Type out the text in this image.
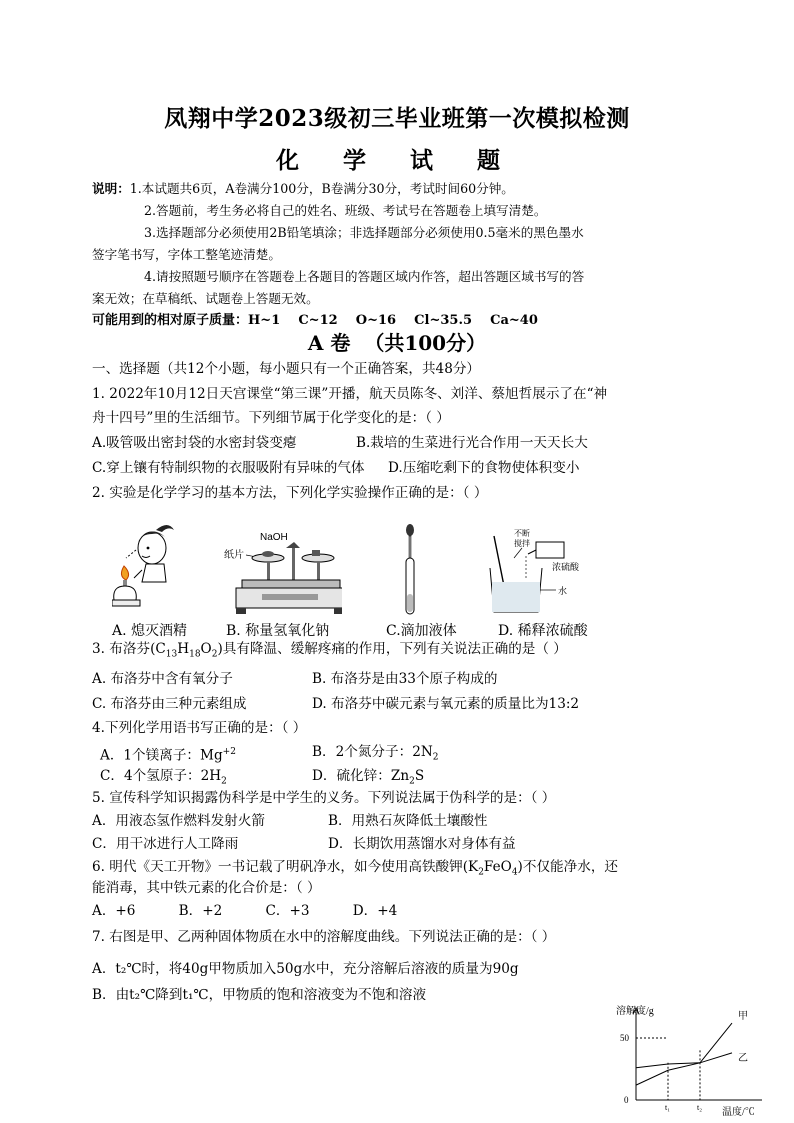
凤翔中学2023级初三毕业班第一次模拟检测
化 学 试 题
说明：1.本试题共6页，A卷满分100分，B卷满分30分，考试时间60分钟。
2.答题前，考生务必将自己的姓名、班级、考试号在答题卷上填写清楚。
3.选择题部分必须使用2B铅笔填涂；非选择题部分必须使用0.5毫米的黑色墨水
签字笔书写，字体工整笔迹清楚。
4.请按照题号顺序在答题卷上各题目的答题区域内作答，超出答题区域书写的答
案无效；在草稿纸、试题卷上答题无效。
可能用到的相对原子质量：H~1    C~12    O~16    Cl~35.5    Ca~40
A 卷  （共100分）
一、选择题（共12个小题，每小题只有一个正确答案，共48分）
1. 2022年10月12日天宫课堂“第三课”开播，航天员陈冬、刘洋、蔡旭哲展示了在“神
舟十四号”里的生活细节。下列细节属于化学变化的是：（ ）
A.吸管吸出密封袋的水密封袋变瘪	B.栽培的生菜进行光合作用一天天长大
C.穿上镶有特制织物的衣服吸附有异味的气体 D.压缩吃剩下的食物使体积变小
2. 实验是化学学习的基本方法，下列化学实验操作正确的是：（ ）
A. 熄灭酒精
NaOH
纸片
B. 称量氢氧化钠	C.滴加液体
不断
搅拌
浓硫酸
水
D. 稀释浓硫酸
3. 布洛芬$(C_{13}H_{18}O_2)$具有降温、缓解疼痛的作用，下列有关说法正确的是（ ）
A. 布洛芬中含有氧分子	B. 布洛芬是由33个原子构成的
C. 布洛芬由三种元素组成	D. 布洛芬中碳元素与氧元素的质量比为13:2
4.下列化学用语书写正确的是：（ ）
A．1个镁离子：$Mg^{+2}$	B．2个氮分子：$2N_2$
C．4个氢原子：$2H_2$	D．硫化锌：$Zn_2S$
5. 宣传科学知识揭露伪科学是中学生的义务。下列说法属于伪科学的是：（ ）
A．用液态氢作燃料发射火箭	B．用熟石灰降低土壤酸性
C．用干冰进行人工降雨	D．长期饮用蒸馏水对身体有益
6. 明代《天工开物》一书记载了明矾净水，如今使用高铁酸钾$(K_2FeO_4)$不仅能净水，还
能消毒，其中铁元素的化合价是：（ ）
A．+6          B．+2          C．+3          D．+4
7. 右图是甲、乙两种固体物质在水中的溶解度曲线。下列说法正确的是：（ ）
A．t₂℃时，将40g甲物质加入50g水中，充分溶解后溶液的质量为90g
B．由t₂℃降到t₁℃，甲物质的饱和溶液变为不饱和溶液
溶解度/g
温度/℃
0
50
甲
乙
t₁	t₂
